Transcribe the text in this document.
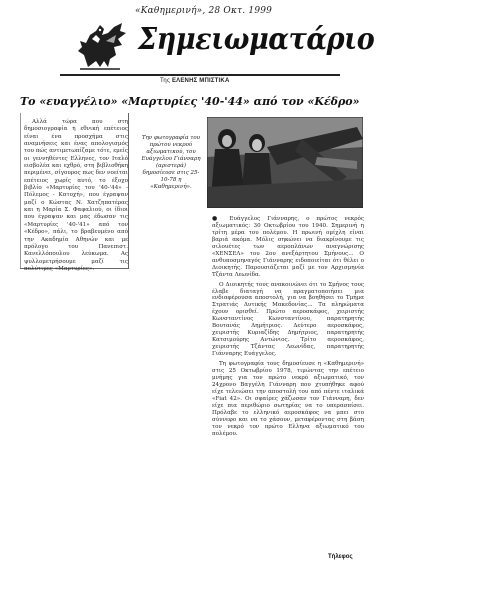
«Καθημερινή», 28 Οκτ. 1999
Σημειωματάριο
Της ΕΛΕΝΗΣ ΜΠΙΣΤΙΚΑ
Το «ευαγγέλιο» «Μαρτυρίες '40-'44» από τον «Κέδρο»

Αλλά τώρα που στη δημοσιογραφία η εθνική επέτειος είναι ένα προσχήμα στις αναμνήσεις και ένας απολογισμός του πώς αντιμετωπίζαμε τότε, εμείς οι γεννηθέντες Ελληνες, τον Ιταλό εισβολέα και εχθρό, στη βιβλιοθήκη περιμένει, σίγουρος πως δεν νοείται επέτειος χωρίς αυτό, το έξοχο βιβλίο «Μαρτυρίες του '40-'44» - Πόλεμος - Κατοχή», που έγραψαν μαζί ο Κώστας Ν. Χατζηπατέρας και η Μαρία Σ. Φαφαλιού, οι ίδιοι που έγραψαν και μας έδωσαν τις «Μαρτυρίες '40-'41» από τον «Κέδρο», πάλι, το βραβευμένο από την Ακαδημία Αθηνών και με πρόλογο του Πανεπιστ. Κανελλόπουλου λεύκωμα. Ας ψυλλομετρήσουμε μαζί τις πολύτιμες «Μαρτυρίες».

Την φωτογραφία του πρώτου νεκρού αξιωματικού, του Ευάγγελου Γιάνναρη (αριστερά) δημοσίευσε στις 25-10-78 η «Καθημερινή».

● Ευάγγελος Γιάνναρης, ο πρώτος νεκρός αξιωματικός: 30 Οκτωβρίου του 1940. Σημερινή η τρίτη μέρα του πολέμου. Η πρωινή ομίχλη είναι βαριά ακόμα. Μόλις σηκώνει να διακρίνουμε τις σιλουέτες των αεροπλάνων αναγνώρισης «ΧΕΝΣΕΛ» του 2ου ανεξάρτητου Σμήνους... Ο ανθυποσμηναγός Γιάνναρης ειδοποιείται ότι θέλει ο Διοικητής. Παρουσιάζεται μαζί με τον Αρχισμηνία Τζάντα Λεωνίδα.

Ο Διοικητής τους ανακοινώνει ότι το Σμήνος τους έλαβε διαταγή να πραγματοποιήσει μια ενδιαφέρουσα αποστολή, για να βοηθήσει το Τμήμα Στρατιάς Δυτικής Μακεδονίας... Τα πληρώματα έχουν ορισθεί. Πρώτο αεροσκάφος, χειριστής Κωνσταντίνος Κωνσταντίνου, παρατηρητής Βουτανάς Δημήτριος. Δεύτερο αεροσκάφος, χειριστής Κυριαζίδης Δημήτριος, παρατηρητής Κατσιμούρης Αντώνιος. Τρίτο αεροσκάφος, χειριστής Τζάντας Λεωνίδας, παρατηρητής Γιάνναρης Ευάγγελος.

Τη φωτογραφία τους δημοσίευσε η «Καθημερινή» στις 25 Οκτωβρίου 1978, τιμώντας την επέτειο μνήμης για τον πρώτο νεκρό αξιωματικό, τον 24χρονο Βαγγέλη Γιάνναρη που χτυπήθηκε αφού είχε τελειώσει την αποστολή του από πέντε ιταλικά «Fiat 42». Οι σφαίρες χάζωσαν τον Γιάνναρη, δεν είχε πια περιθώριο σωτηρίας να το υπερασπίσει. Πρόλαβε το ελληνικό αεροσκάφος να μπει στο σύννεφο και να το χάσουν, μεταφέροντας στη βάση τον νεκρό τον πρώτο Ελληνα αξιωματικό του πολέμου.

Τήλεφος
